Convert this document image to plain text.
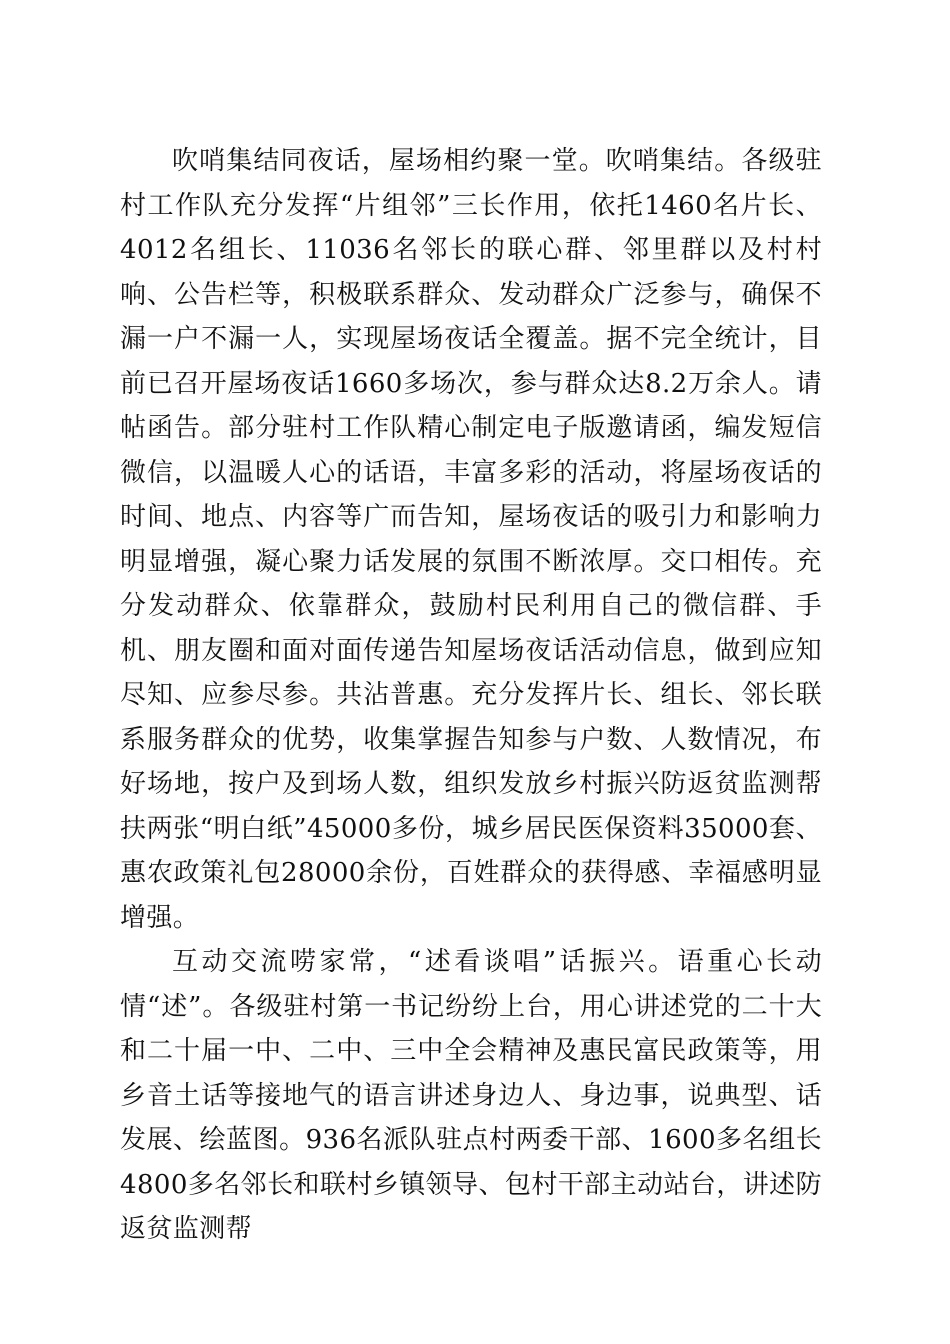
吹哨集结同夜话，屋场相约聚一堂。吹哨集结。各级驻村工作队充分发挥“片组邻”三长作用，依托1460名片长、4012名组长、11036名邻长的联心群、邻里群以及村村响、公告栏等，积极联系群众、发动群众广泛参与，确保不漏一户不漏一人，实现屋场夜话全覆盖。据不完全统计，目前已召开屋场夜话1660多场次，参与群众达8.2万余人。请帖函告。部分驻村工作队精心制定电子版邀请函，编发短信微信，以温暖人心的话语，丰富多彩的活动，将屋场夜话的时间、地点、内容等广而告知，屋场夜话的吸引力和影响力明显增强，凝心聚力话发展的氛围不断浓厚。交口相传。充分发动群众、依靠群众，鼓励村民利用自己的微信群、手机、朋友圈和面对面传递告知屋场夜话活动信息，做到应知尽知、应参尽参。共沾普惠。充分发挥片长、组长、邻长联系服务群众的优势，收集掌握告知参与户数、人数情况，布好场地，按户及到场人数，组织发放乡村振兴防返贫监测帮扶两张“明白纸”45000多份，城乡居民医保资料35000套、惠农政策礼包28000余份，百姓群众的获得感、幸福感明显增强。

互动交流唠家常，“述看谈唱”话振兴。语重心长动情“述”。各级驻村第一书记纷纷上台，用心讲述党的二十大和二十届一中、二中、三中全会精神及惠民富民政策等，用乡音土话等接地气的语言讲述身边人、身边事，说典型、话发展、绘蓝图。936名派队驻点村两委干部、1600多名组长4800多名邻长和联村乡镇领导、包村干部主动站台，讲述防返贫监测帮
